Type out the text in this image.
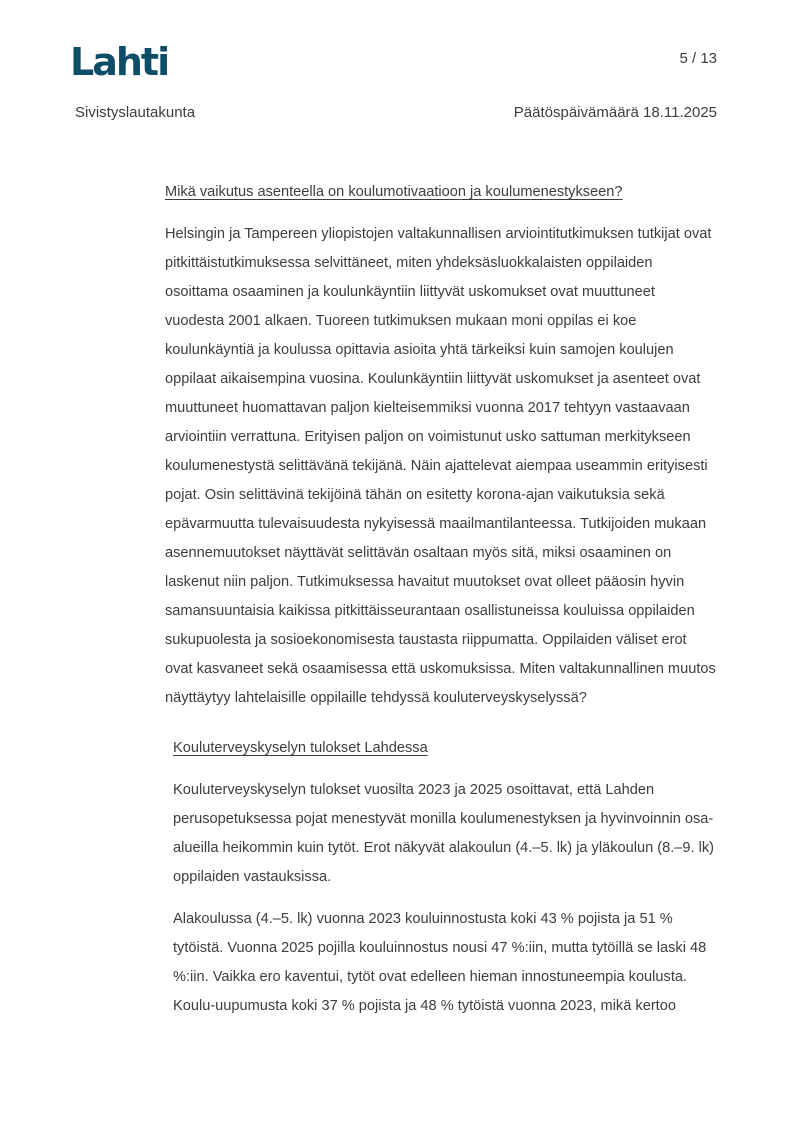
Lahti	5 / 13
Sivistyslautakunta	Päätöspäivämäärä 18.11.2025
Mikä vaikutus asenteella on koulumotivaatioon ja koulumenestykseen?

Helsingin ja Tampereen yliopistojen valtakunnallisen arviointitutkimuksen tutkijat ovat pitkittäistutkimuksessa selvittäneet, miten yhdeksäsluokkalaisten oppilaiden osoittama osaaminen ja koulunkäyntiin liittyvät uskomukset ovat muuttuneet vuodesta 2001 alkaen. Tuoreen tutkimuksen mukaan moni oppilas ei koe koulunkäyntiä ja koulussa opittavia asioita yhtä tärkeiksi kuin samojen koulujen oppilaat aikaisempina vuosina. Koulunkäyntiin liittyvät uskomukset ja asenteet ovat muuttuneet huomattavan paljon kielteisemmiksi vuonna 2017 tehtyyn vastaavaan arviointiin verrattuna. Erityisen paljon on voimistunut usko sattuman merkitykseen koulumenestystä selittävänä tekijänä. Näin ajattelevat aiempaa useammin erityisesti pojat. Osin selittävinä tekijöinä tähän on esitetty korona-ajan vaikutuksia sekä epävarmuutta tulevaisuudesta nykyisessä maailmantilanteessa. Tutkijoiden mukaan asennemuutokset näyttävät selittävän osaltaan myös sitä, miksi osaaminen on laskenut niin paljon. Tutkimuksessa havaitut muutokset ovat olleet pääosin hyvin samansuuntaisia kaikissa pitkittäisseurantaan osallistuneissa kouluissa oppilaiden sukupuolesta ja sosioekonomisesta taustasta riippumatta. Oppilaiden väliset erot ovat kasvaneet sekä osaamisessa että uskomuksissa. Miten valtakunnallinen muutos näyttäytyy lahtelaisille oppilaille tehdyssä kouluterveyskyselyssä?

Kouluterveyskyselyn tulokset Lahdessa

Kouluterveyskyselyn tulokset vuosilta 2023 ja 2025 osoittavat, että Lahden perusopetuksessa pojat menestyvät monilla koulumenestyksen ja hyvinvoinnin osa-alueilla heikommin kuin tytöt. Erot näkyvät alakoulun (4.–5. lk) ja yläkoulun (8.–9. lk) oppilaiden vastauksissa.

Alakoulussa (4.–5. lk) vuonna 2023 kouluinnostusta koki 43 % pojista ja 51 % tytöistä. Vuonna 2025 pojilla kouluinnostus nousi 47 %:iin, mutta tytöillä se laski 48 %:iin. Vaikka ero kaventui, tytöt ovat edelleen hieman innostuneempia koulusta. Koulu-uupumusta koki 37 % pojista ja 48 % tytöistä vuonna 2023, mikä kertoo
